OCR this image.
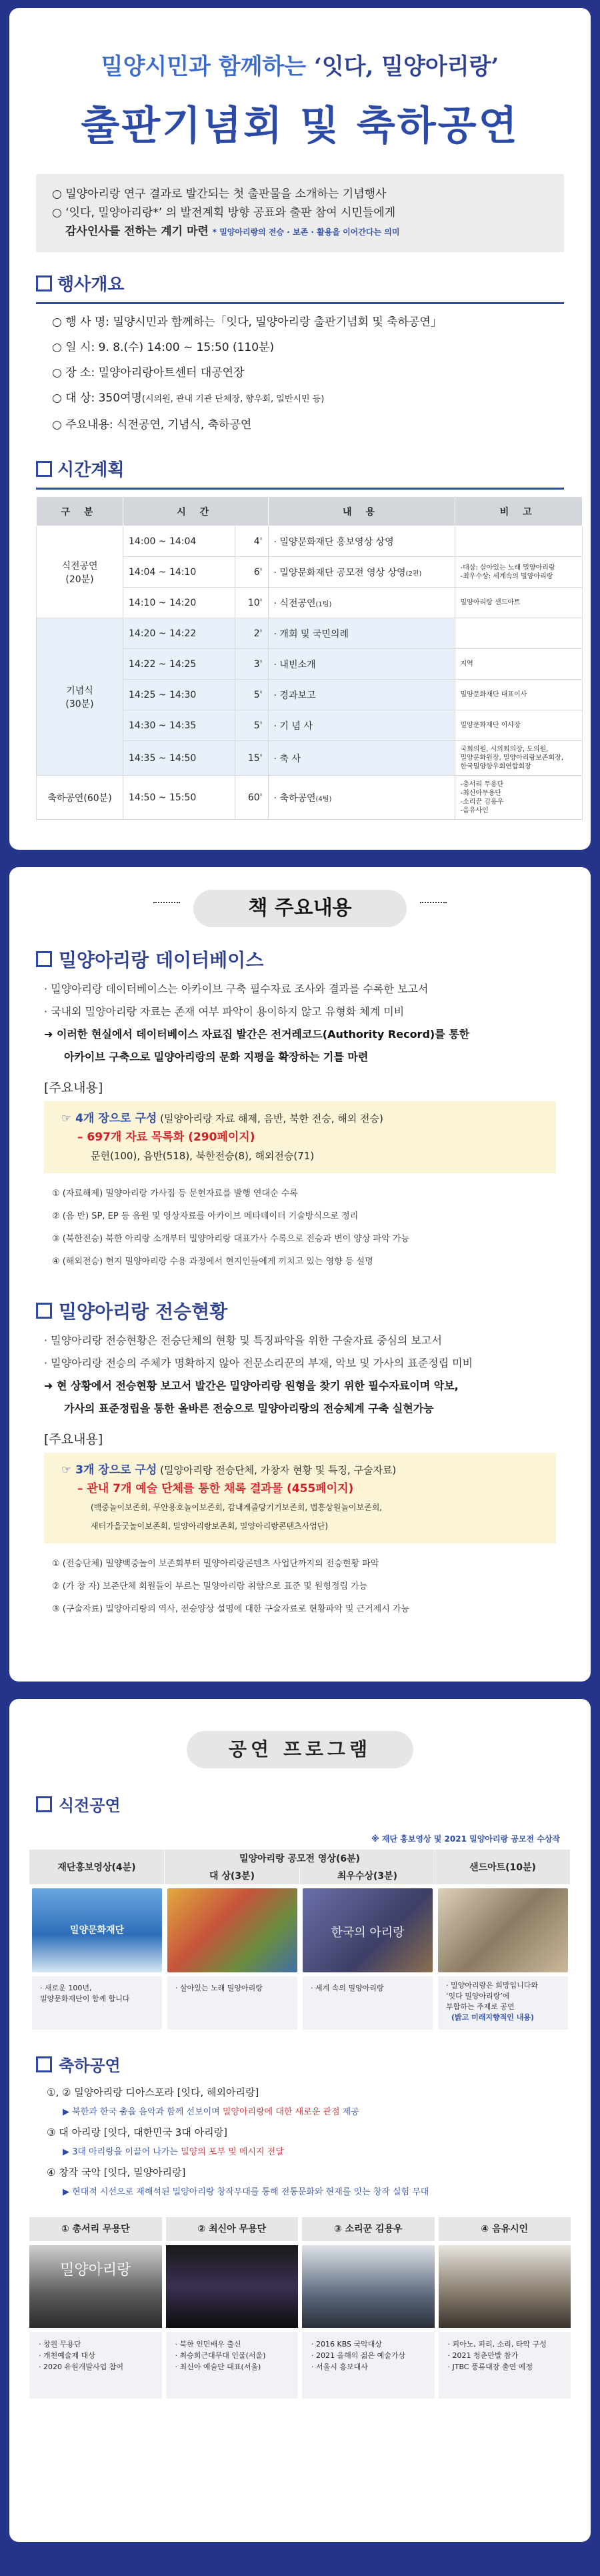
밀양시민과 함께하는 ‘잇다, 밀양아리랑’
출판기념회 및 축하공연

○ 밀양아리랑 연구 결과로 발간되는 첫 출판물을 소개하는 기념행사

○ ‘잇다, 밀양아리랑*’ 의 발전계획 방향 공표와 출판 참여 시민들에게

감사인사를 전하는 계기 마련 * 밀양아리랑의 전승 · 보존 · 활용을 이어간다는 의미

행사개요
○ 행 사 명: 밀양시민과 함께하는「잇다, 밀양아리랑 출판기념회 및 축하공연」
○ 일 시: 9. 8.(수) 14:00 ~ 15:50 (110분)
○ 장 소: 밀양아리랑아트센터 대공연장
○ 대 상: 350여명(시의원, 관내 기관 단체장, 향우회, 일반시민 등)
○ 주요내용: 식전공연, 기념식, 축하공연
시간계획
구 분	시 간		내 용	비 고

식전공연
(20분)	14:00 ~ 14:04	4'	· 밀양문화재단 홍보영상 상영	
	14:04 ~ 14:10	6'	· 밀양문화재단 공모전 영상 상영(2편)	-대상: 살아있는 노래 밀양아리랑
-최우수상: 세계속의 밀양아리랑
	14:10 ~ 14:20	10'	· 식전공연(1팀)	밀양아리랑 샌드아트

기념식
(30분)	14:20 ~ 14:22	2'	· 개회 및 국민의례	
	14:22 ~ 14:25	3'	· 내빈소개	지역
	14:25 ~ 14:30	5'	· 경과보고	밀양문화재단 대표이사
	14:30 ~ 14:35	5'	· 기 념 사	밀양문화재단 이사장
	14:35 ~ 14:50	15'	· 축 사	국회의원, 시의회의장, 도의원,
밀양문화원장, 밀양아리랑보존회장,
한국밀양향우회연합회장

축하공연(60분)	14:50 ~ 15:50	60'	· 축하공연(4팀)	-충서리 무용단
-최신아무용단
-소리꾼 김용우
-음유사인
책 주요내용
밀양아리랑 데이터베이스

· 밀양아리랑 데이터베이스는 아카이브 구축 필수자료 조사와 결과를 수록한 보고서

· 국내외 밀양아리랑 자료는 존재 여부 파악이 용이하지 않고 유형화 체계 미비

➜ 이러한 현실에서 데이터베이스 자료집 발간은 전거레코드(Authority Record)를 통한

아카이브 구축으로 밀양아리랑의 문화 지평을 확장하는 기틀 마련

[주요내용]

☞ 4개 장으로 구성 (밀양아리랑 자료 해제, 음반, 북한 전승, 해외 전승)

– 697개 자료 목록화 (290페이지)

문헌(100), 음반(518), 북한전승(8), 해외전승(71)

① (자료해제) 밀양아리랑 가사집 등 문헌자료를 발행 연대순 수록

② (음 반) SP, EP 등 음원 및 영상자료를 아카이브 메타데이터 기술방식으로 정리

③ (북한전승) 북한 아리랑 소개부터 밀양아리랑 대표가사 수록으로 전승과 변이 양상 파악 가능

④ (해외전승) 현지 밀양아리랑 수용 과정에서 현지인들에게 끼치고 있는 영향 등 설명

밀양아리랑 전승현황

· 밀양아리랑 전승현황은 전승단체의 현황 및 특징파악을 위한 구술자료 중심의 보고서

· 밀양아리랑 전승의 주체가 명확하지 않아 전문소리꾼의 부재, 악보 및 가사의 표준정립 미비

➜ 현 상황에서 전승현황 보고서 발간은 밀양아리랑 원형을 찾기 위한 필수자료이며 악보,

가사의 표준정립을 통한 올바른 전승으로 밀양아리랑의 전승체계 구축 실현가능

[주요내용]

☞ 3개 장으로 구성 (밀양아리랑 전승단체, 가창자 현황 및 특징, 구술자료)

– 관내 7개 예술 단체를 통한 채록 결과물 (455페이지)

(백중놀이보존회, 무안용호놀이보존회, 감내게줄당기기보존회, 법흥상원놀이보존회,

새터가을굿놀이보존회, 밀양아리랑보존회, 밀양아리랑콘텐츠사업단)

① (전승단체) 밀양백중놀이 보존회부터 밀양아리랑콘텐츠 사업단까지의 전승현황 파악

② (가 창 자) 보존단체 회원들이 부르는 밀양아리랑 취합으로 표준 및 원형정립 가능

③ (구술자료) 밀양아리랑의 역사, 전승양상 설명에 대한 구술자료로 현황파악 및 근거제시 가능

공연 프로그램
식전공연
※ 재단 홍보영상 및 2021 밀양아리랑 공모전 수상작
재단홍보영상(4분)
밀양아리랑 공모전 영상(6분)
샌드아트(10분)
대 상(3분)	최우수상(3분)
밀양문화재단	한국의 아리랑
· 새로운 100년,
밀양문화재단이 함께 합니다
· 살아있는 노래 밀양아리랑	· 세계 속의 밀양아리랑	· 밀양아리랑은 희망입니다와
‘잇다 밀양아리랑’에
부합하는 주제로 공연
(밝고 미래지향적인 내용)
축하공연

①, ② 밀양아리랑 디아스포라 [잇다, 해외아리랑]

▶ 북한과 한국 춤을 음악과 함께 선보이며 밀양아리랑에 대한 새로운 관점 제공

③ 대 아리랑 [잇다, 대한민국 3대 아리랑]

▶ 3대 아리랑을 이끌어 나가는 밀양의 포부 및 메시지 전달

④ 창작 국악 [잇다, 밀양아리랑]

▶ 현대적 시선으로 재해석된 밀양아리랑 창작무대를 통해 전통문화와 현재를 잇는 창작 실험 무대

① 총서리 무용단
밀양아리랑
· 창원 무용단
· 개천예술제 대상
· 2020 유원개발사업 참여
② 최신아 무용단
· 북한 인민배우 출신
· 최승희근대무대 인물(서울)
· 최신아 예술단 대표(서울)
③ 소리꾼 김용우
· 2016 KBS 국악대상
· 2021 올해의 젊은 예술가상
· 서울시 홍보대사
④ 음유시인
· 피아노, 피리, 소리, 타악 구성
· 2021 청춘만발 참가
· JTBC 풍류대장 출연 예정
